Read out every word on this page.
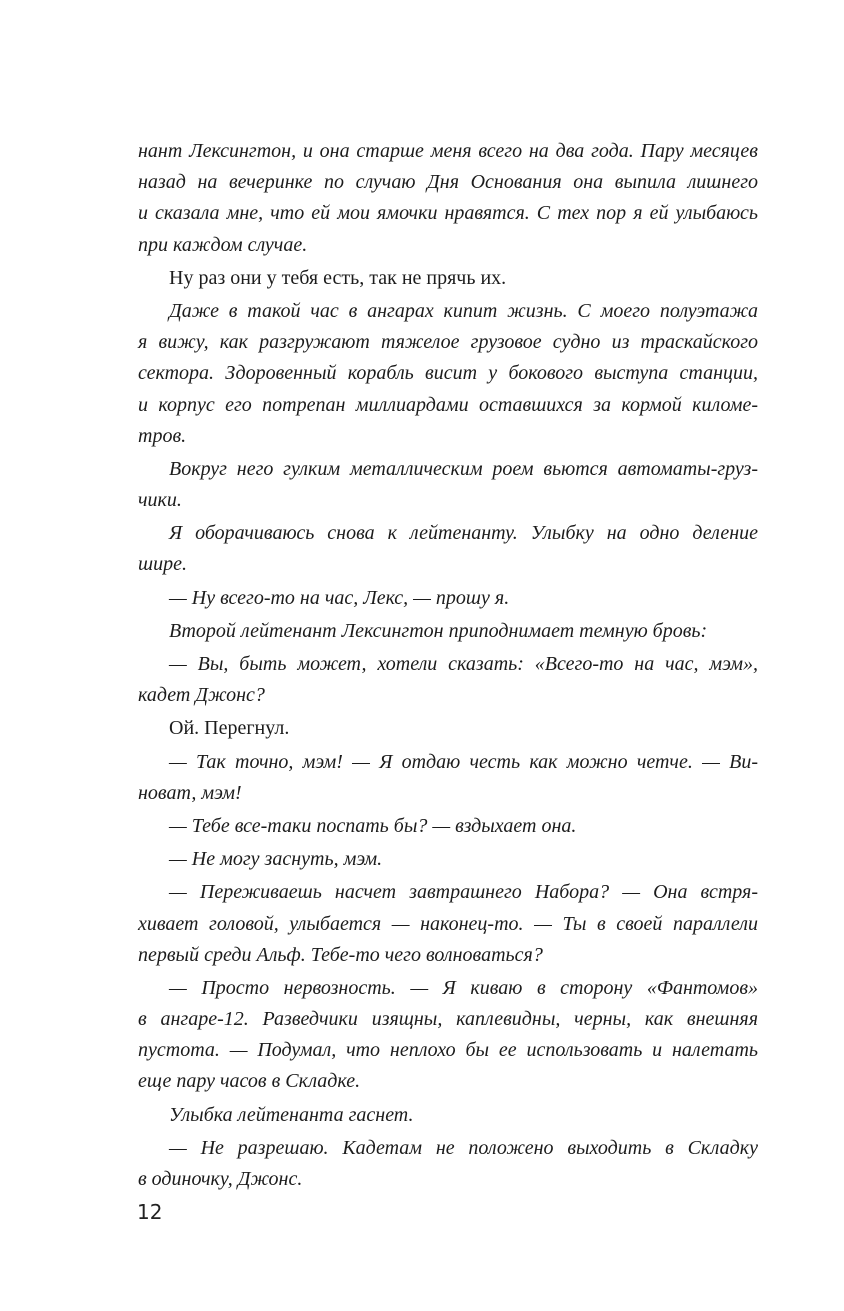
нант Лексингтон, и она старше меня всего на два года. Пару месяцев
назад на вечеринке по случаю Дня Основания она выпила лишнего
и сказала мне, что ей мои ямочки нравятся. С тех пор я ей улыбаюсь
при каждом случае.
Ну раз они у тебя есть, так не прячь их.
Даже в такой час в ангарах кипит жизнь. С моего полуэтажа
я вижу, как разгружают тяжелое грузовое судно из траскайского
сектора. Здоровенный корабль висит у бокового выступа станции,
и корпус его потрепан миллиардами оставшихся за кормой киломе-
тров.
Вокруг него гулким металлическим роем вьются автоматы-груз-
чики.
Я оборачиваюсь снова к лейтенанту. Улыбку на одно деление
шире.
— Ну всего-то на час, Лекс, — прошу я.
Второй лейтенант Лексингтон приподнимает темную бровь:
— Вы, быть может, хотели сказать: «Всего-то на час, мэм»,
кадет Джонс?
Ой. Перегнул.
— Так точно, мэм! — Я отдаю честь как можно четче. — Ви-
новат, мэм!
— Тебе все-таки поспать бы? — вздыхает она.
— Не могу заснуть, мэм.
— Переживаешь насчет завтрашнего Набора? — Она встря-
хивает головой, улыбается — наконец-то. — Ты в своей параллели
первый среди Альф. Тебе-то чего волноваться?
— Просто нервозность. — Я киваю в сторону «Фантомов»
в ангаре-12. Разведчики изящны, каплевидны, черны, как внешняя
пустота. — Подумал, что неплохо бы ее использовать и налетать
еще пару часов в Складке.
Улыбка лейтенанта гаснет.
— Не разрешаю. Кадетам не положено выходить в Складку
в одиночку, Джонс.
12
